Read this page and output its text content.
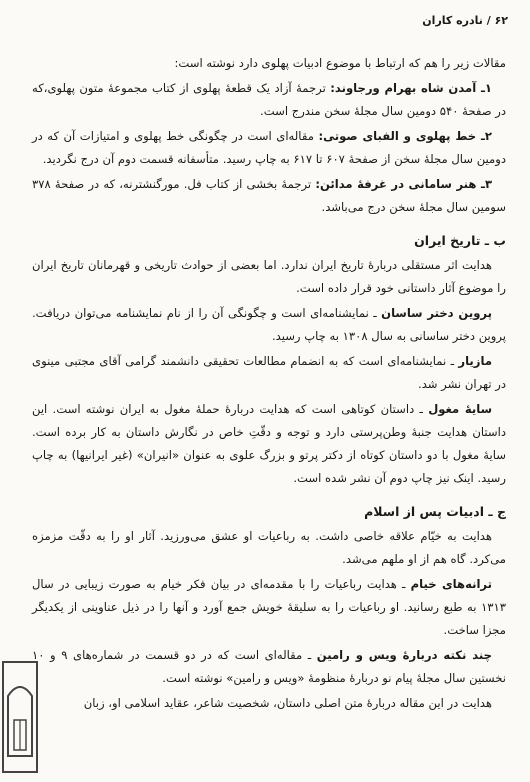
۶۲ / نادره کاران

مقالات زیر را هم که ارتباط با موضوع ادبیات پهلوی دارد نوشته است:

۱ـ آمدن شاه بهرام ورجاوند: ترجمهٔ آزاد یک قطعهٔ پهلوی از کتاب مجموعهٔ متون پهلوی،که در صفحهٔ ۵۴۰ دومین سال مجلهٔ سخن مندرج است.

۲ـ خط پهلوی و الفبای صوتی: مقاله‌ای است در چگونگی خط پهلوی و امتیازات آن که در دومین سال مجلهٔ سخن از صفحهٔ ۶۰۷ تا ۶۱۷ به چاپ رسید. متأسفانه قسمت دوم آن درج نگردید.

۳ـ هنر سامانی در غرفهٔ مدائن: ترجمهٔ بخشی از کتاب فل. مورگنشترنه، که در صفحهٔ ۳۷۸ سومین سال مجلهٔ سخن درج می‌باشد.

ب ـ تاریخ ایران

هدایت اثر مستقلی دربارهٔ تاریخ ایران ندارد. اما بعضی از حوادث تاریخی و قهرمانان تاریخ ایران را موضوع آثار داستانی خود قرار داده است.

پروین دختر ساسان ـ نمایشنامه‌ای است و چگونگی آن را از نام نمایشنامه می‌توان دریافت. پروین دختر ساسانی به سال ۱۳۰۸ به چاپ رسید.

مازیار ـ نمایشنامه‌ای است که به انضمام مطالعات تحقیقی دانشمند گرامی آقای مجتبی مینوی در تهران نشر شد.

سایهٔ مغول ـ داستان کوتاهی است که هدایت دربارهٔ حملهٔ مغول به ایران نوشته است. این داستان هدایت جنبهٔ وطن‌پرستی دارد و توجه و دقّتِ خاص در نگارش داستان به کار برده است. سایهٔ مغول با دو داستان کوتاه از دکتر پرتو و بزرگ علوی به عنوان «انیران» (غیر ایرانیها) به چاپ رسید. اینک نیز چاپ دوم آن نشر شده است.

ج ـ ادبیات پس از اسلام

هدایت به خیّام علاقه خاصی داشت. به رباعیات او عشق می‌ورزید. آثار او را به دقّت مزمزه می‌کرد. گاه هم از او ملهم می‌شد.

ترانه‌های خیام ـ هدایت رباعیات را با مقدمه‌ای در بیان فکر خیام به صورت زیبایی در سال ۱۳۱۳ به طبع رسانید. او رباعیات را به سلیقهٔ خویش جمع آورد و آنها را در ذیل عناوینی از یکدیگر مجزا ساخت.

چند نکته دربارهٔ ویس و رامین ـ مقاله‌ای است که در دو قسمت در شماره‌های ۹ و ۱۰ نخستین سال مجلهٔ پیام نو دربارهٔ منظومهٔ «ویس و رامین» نوشته است.

هدایت در این مقاله دربارهٔ متن اصلی داستان، شخصیت شاعر، عقاید اسلامی او، زبان
